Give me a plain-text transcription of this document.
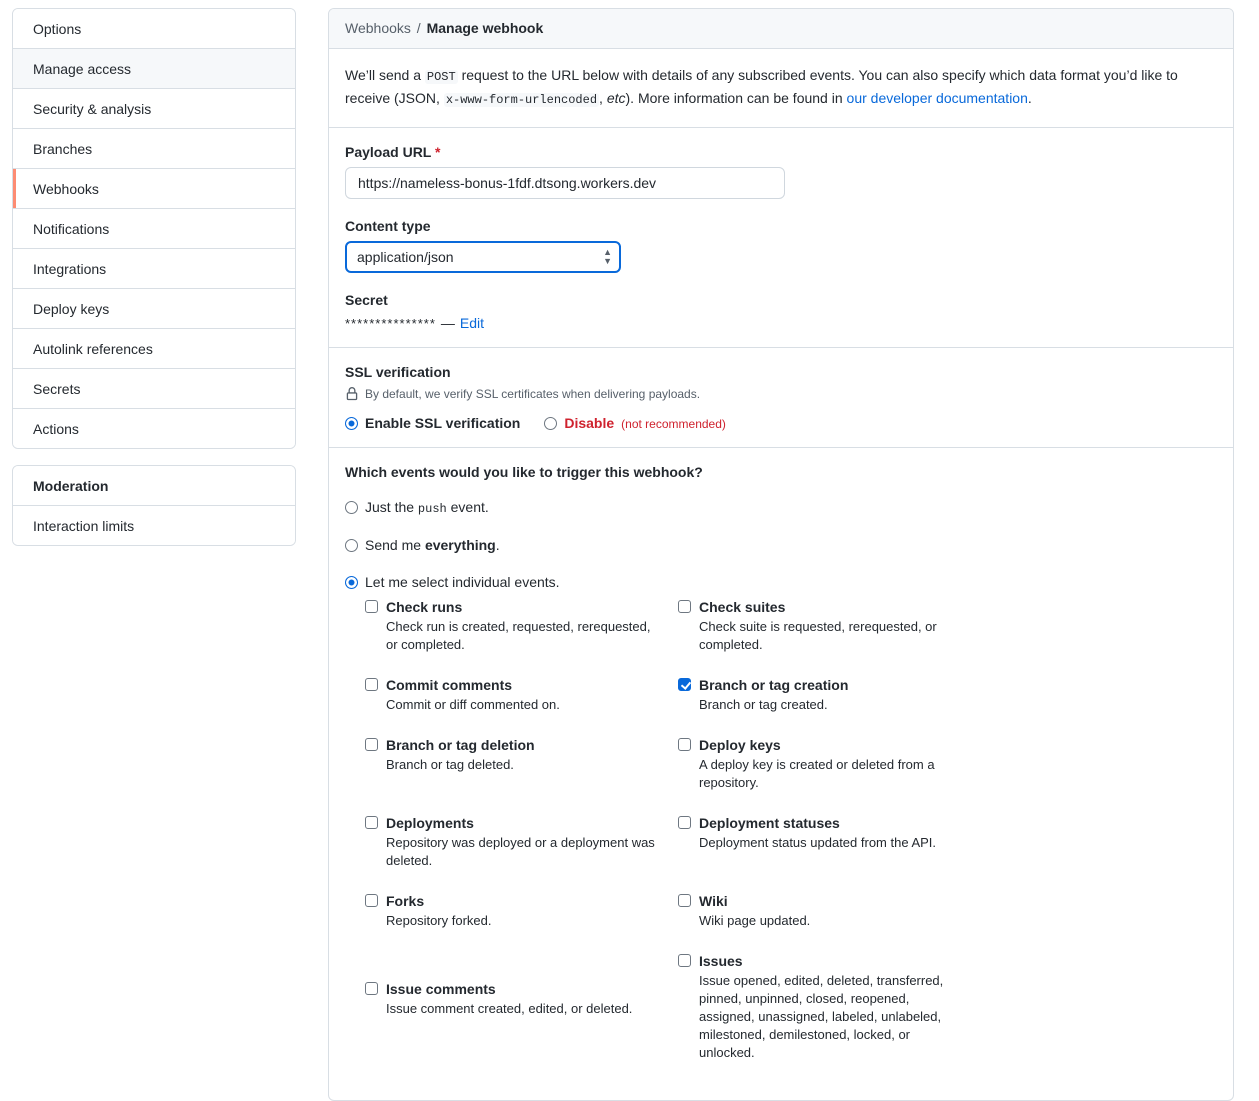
Options
Manage access
Security & analysis
Branches
Webhooks
Notifications
Integrations
Deploy keys
Autolink references
Secrets
Actions
Moderation
Interaction limits
Webhooks / Manage webhook
We’ll send a POST request to the URL below with details of any subscribed events. You can also specify which data format you’d like to receive (JSON, x-www-form-urlencoded , etc). More information can be found in our developer documentation.
Payload URL *
https://nameless-bonus-1fdf.dtsong.workers.dev
Content type
application/json
▲
▼
Secret
*************** — Edit
SSL verification
By default, we verify SSL certificates when delivering payloads.
Enable SSL verification	Disable (not recommended)
Which events would you like to trigger this webhook?
Just the push event.
Send me everything.
Let me select individual events.
Check runs
Check run is created, requested, rerequested, or completed.
Check suites
Check suite is requested, rerequested, or completed.
Commit comments
Commit or diff commented on.
Branch or tag creation
Branch or tag created.
Branch or tag deletion
Branch or tag deleted.
Deploy keys
A deploy key is created or deleted from a repository.
Deployments
Repository was deployed or a deployment was deleted.
Deployment statuses
Deployment status updated from the API.
Forks
Repository forked.
Wiki
Wiki page updated.
Issue comments
Issue comment created, edited, or deleted.
Issues
Issue opened, edited, deleted, transferred, pinned, unpinned, closed, reopened, assigned, unassigned, labeled, unlabeled, milestoned, demilestoned, locked, or unlocked.
